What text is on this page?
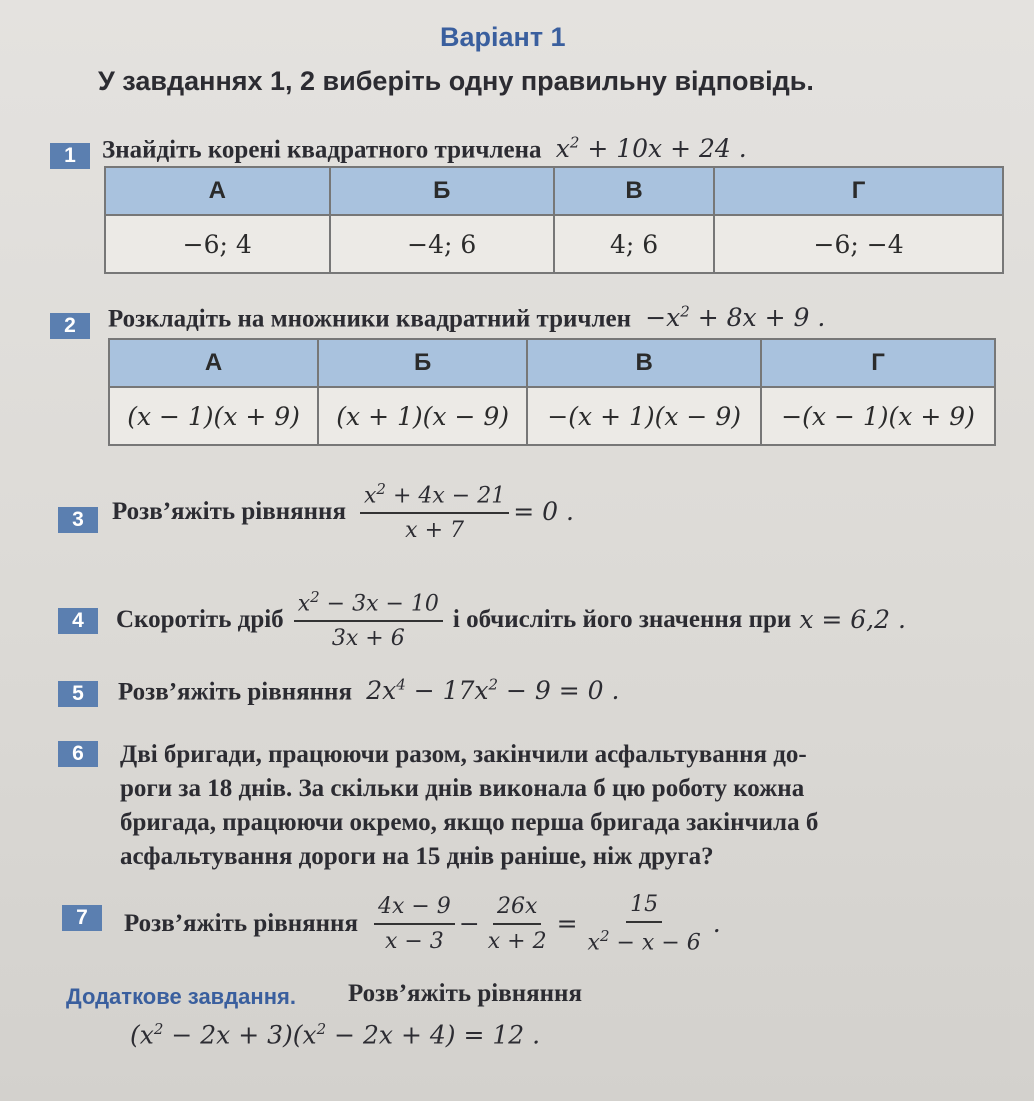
Варіант 1
У завданнях 1, 2 виберіть одну правильну відповідь.
1	Знайдіть корені квадратного тричлена $x^2 + 10x + 24$ .
А	Б	В	Г
−6; 4	−4; 6	4; 6	−6; −4
2	Розкладіть на множники квадратний тричлен $-x^2 + 8x + 9$ .
А	Б	В	Г
(x − 1)(x + 9)	(x + 1)(x − 9)	−(x + 1)(x − 9)	−(x − 1)(x + 9)
3	Розв’яжіть рівняння $\frac{x^2 + 4x - 21}{x + 7} = 0$ .
4	Скоротіть дріб $\frac{x^2 - 3x - 10}{3x + 6}$ і обчисліть його значення при x = 6,2 .
5	Розв’яжіть рівняння $2x^4 - 17x^2 - 9 = 0$ .
6	Дві бригади, працюючи разом, закінчили асфальтування до-
роги за 18 днів. За скільки днів виконала б цю роботу кожна
бригада, працюючи окремо, якщо перша бригада закінчила б
асфальтування дороги на 15 днів раніше, ніж друга?
7	Розв’яжіть рівняння $\frac{4x - 9}{x - 3} - \frac{26x}{x + 2} = \frac{15}{x^2 - x - 6}$ .
Додаткове завдання. Розв’яжіть рівняння
$(x^2 - 2x + 3)(x^2 - 2x + 4) = 12$ .
